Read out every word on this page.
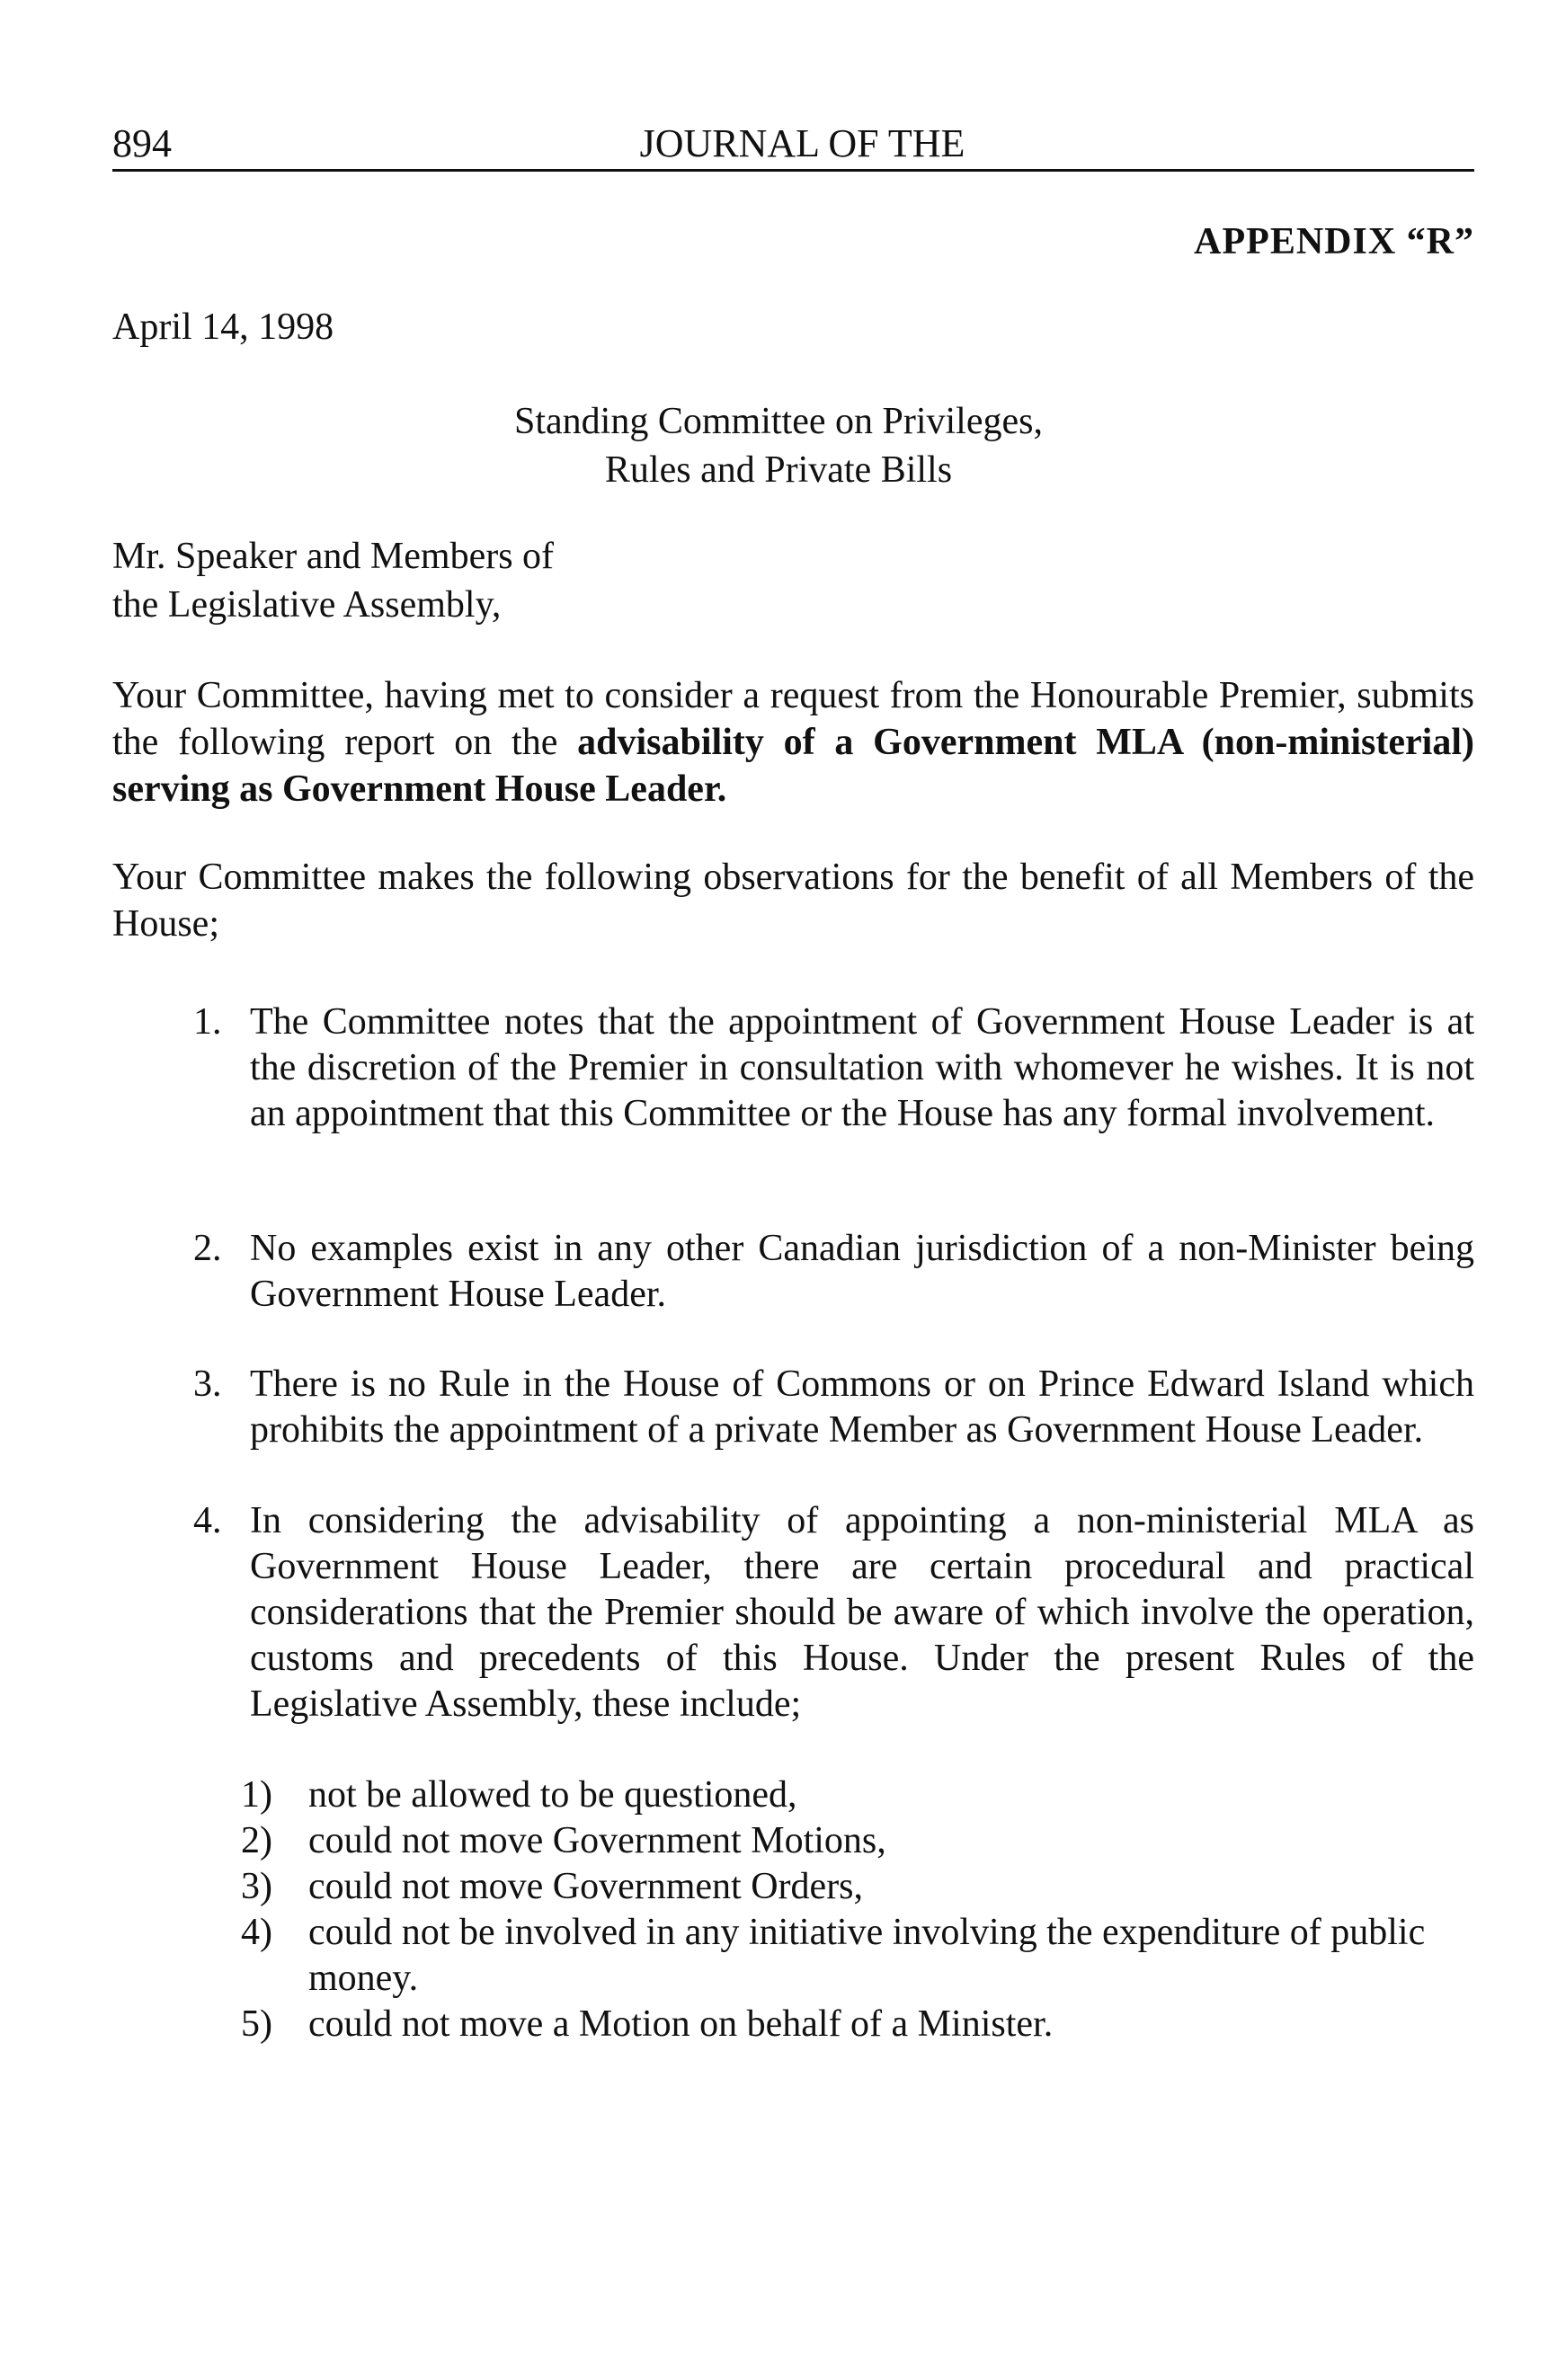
894	JOURNAL OF THE
APPENDIX “R”
April 14, 1998
Standing Committee on Privileges,
Rules and Private Bills
Mr. Speaker and Members of
the Legislative Assembly,
Your Committee, having met to consider a request from the Honourable Premier, submits the following report on the advisability of a Government MLA (non-ministerial) serving as Government House Leader.
Your Committee makes the following observations for the benefit of all Members of the House;
1. The Committee notes that the appointment of Government House Leader is at the discretion of the Premier in consultation with whomever he wishes. It is not an appointment that this Committee or the House has any formal involvement.
2. No examples exist in any other Canadian jurisdiction of a non-Minister being Government House Leader.
3. There is no Rule in the House of Commons or on Prince Edward Island which prohibits the appointment of a private Member as Government House Leader.
4. In considering the advisability of appointing a non-ministerial MLA as Government House Leader, there are certain procedural and practical considerations that the Premier should be aware of which involve the operation, customs and precedents of this House. Under the present Rules of the Legislative Assembly, these include;
1) not be allowed to be questioned,
2) could not move Government Motions,
3) could not move Government Orders,
4) could not be involved in any initiative involving the expenditure of public money.
5) could not move a Motion on behalf of a Minister.
